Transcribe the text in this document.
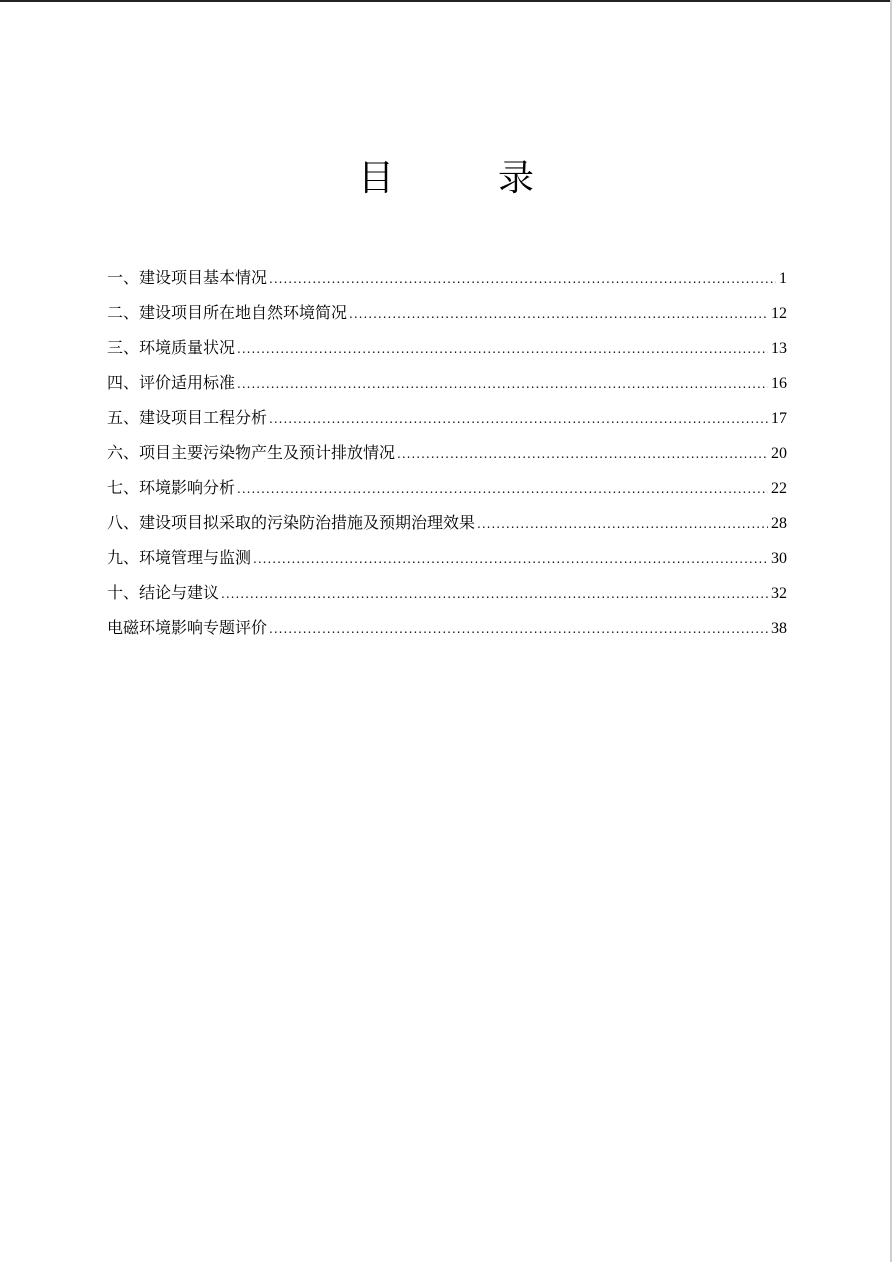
目　录
一、建设项目基本情况 .....	1
二、建设项目所在地自然环境简况 .....	12
三、环境质量状况 .....	13
四、评价适用标准 .....	16
五、建设项目工程分析 .....	17
六、项目主要污染物产生及预计排放情况 .....	20
七、环境影响分析 .....	22
八、建设项目拟采取的污染防治措施及预期治理效果 .....	28
九、环境管理与监测 .....	30
十、结论与建议 .....	32
电磁环境影响专题评价 .....	38
